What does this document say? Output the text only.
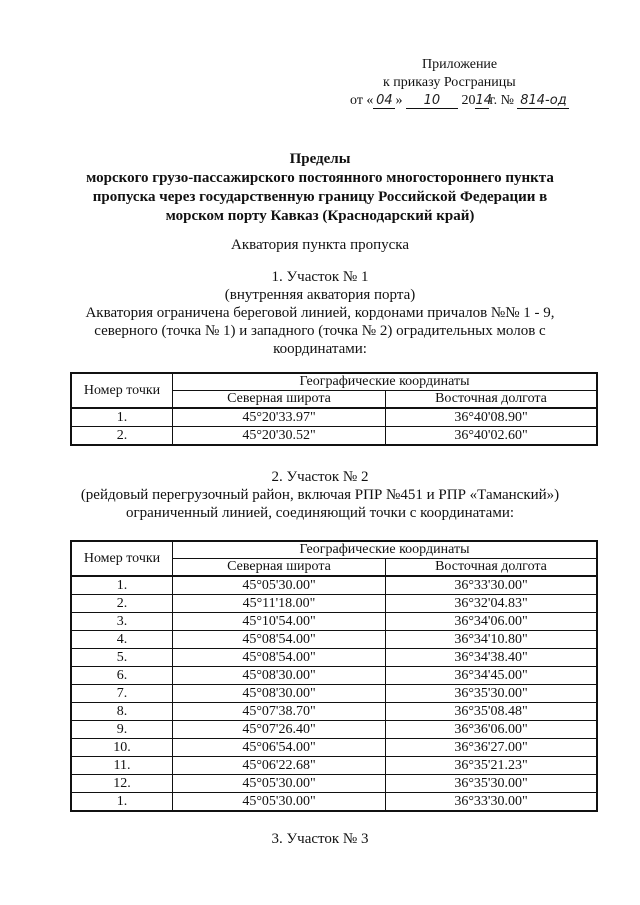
Приложение
к приказу Росграницы
от « 04 » 10 2014г. № 814-од
Пределы
морского грузо-пассажирского постоянного многостороннего пункта
пропуска через государственную границу Российской Федерации в
морском порту Кавказ (Краснодарский край)
Акватория пункта пропуска
1. Участок № 1
(внутренняя акватория порта)
Акватория ограничена береговой линией, кордонами причалов №№ 1 - 9,
северного (точка № 1) и западного (точка № 2) оградительных молов с
координатами:
Номер точки	Географические координаты	
	Северная широта	Восточная долгота
1.	45°20'33.97"	36°40'08.90"
2.	45°20'30.52"	36°40'02.60"
2. Участок № 2
(рейдовый перегрузочный район, включая РПР №451 и РПР «Таманский»)
ограниченный линией, соединяющий точки с координатами:
Номер точки	Географические координаты	
	Северная широта	Восточная долгота
1.	45°05'30.00"	36°33'30.00"
2.	45°11'18.00"	36°32'04.83"
3.	45°10'54.00"	36°34'06.00"
4.	45°08'54.00"	36°34'10.80"
5.	45°08'54.00"	36°34'38.40"
6.	45°08'30.00"	36°34'45.00"
7.	45°08'30.00"	36°35'30.00"
8.	45°07'38.70"	36°35'08.48"
9.	45°07'26.40"	36°36'06.00"
10.	45°06'54.00"	36°36'27.00"
11.	45°06'22.68"	36°35'21.23"
12.	45°05'30.00"	36°35'30.00"
1.	45°05'30.00"	36°33'30.00"
3. Участок № 3
